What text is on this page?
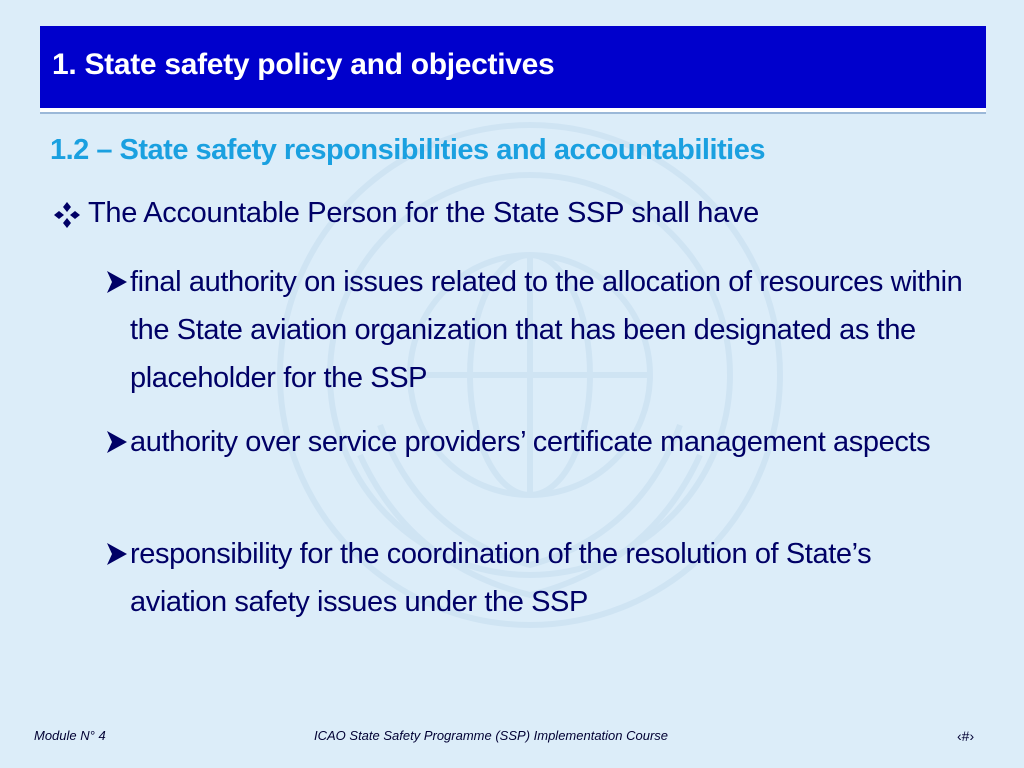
1. State safety policy and objectives
1.2 – State safety responsibilities and accountabilities
The Accountable Person for the State SSP shall have
final authority on issues related to the allocation of resources within the State aviation organization that has been designated as the placeholder for the SSP
authority over service providers’ certificate management aspects
responsibility for the coordination of the resolution of State’s aviation safety issues under the SSP
Module N° 4	ICAO State Safety Programme (SSP) Implementation Course	‹#›
